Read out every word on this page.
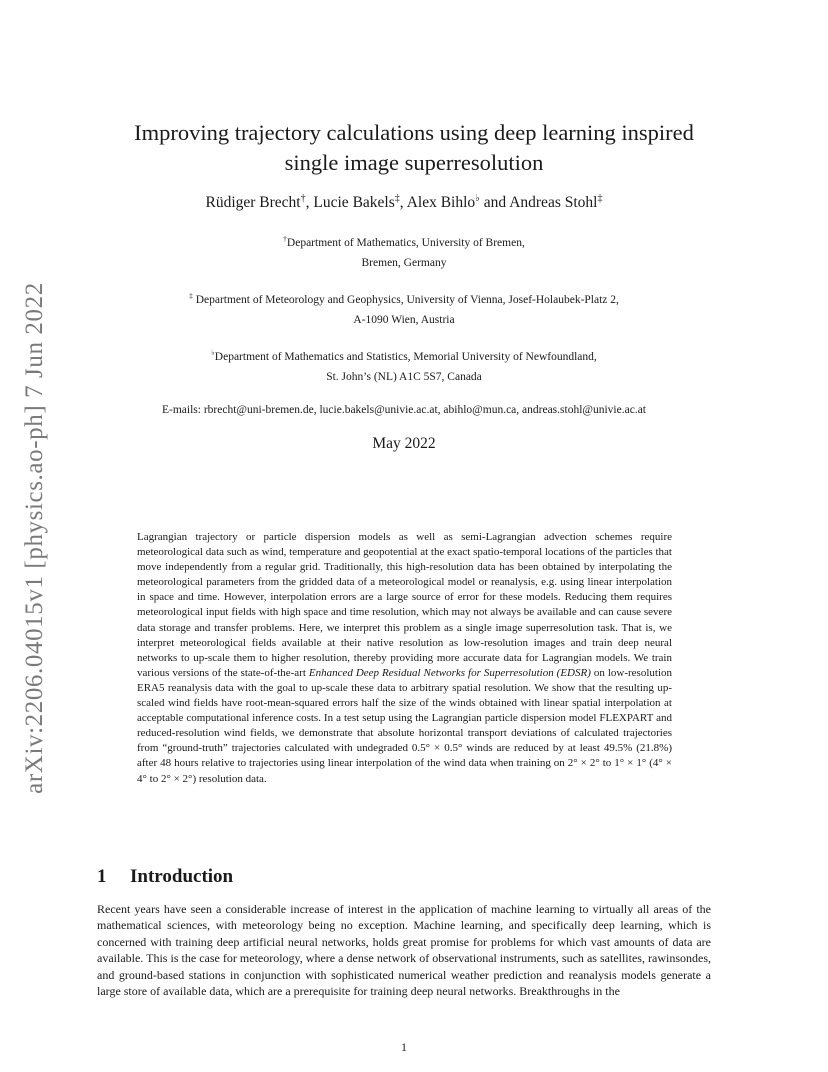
arXiv:2206.04015v1 [physics.ao-ph] 7 Jun 2022
Improving trajectory calculations using deep learning inspired
single image superresolution
Rüdiger Brecht†, Lucie Bakels‡, Alex Bihlo♭ and Andreas Stohl‡
†Department of Mathematics, University of Bremen,
Bremen, Germany
‡ Department of Meteorology and Geophysics, University of Vienna, Josef-Holaubek-Platz 2,
A-1090 Wien, Austria
♭Department of Mathematics and Statistics, Memorial University of Newfoundland,
St. John’s (NL) A1C 5S7, Canada
E-mails: rbrecht@uni-bremen.de, lucie.bakels@univie.ac.at, abihlo@mun.ca, andreas.stohl@univie.ac.at
May 2022
Lagrangian trajectory or particle dispersion models as well as semi-Lagrangian advection schemes require meteorological data such as wind, temperature and geopotential at the exact spatio-temporal locations of the particles that move independently from a regular grid. Traditionally, this high-resolution data has been obtained by interpolating the meteorological parameters from the gridded data of a meteorological model or reanalysis, e.g. using linear interpolation in space and time. However, interpolation errors are a large source of error for these models. Reducing them requires meteorological input fields with high space and time resolution, which may not always be available and can cause severe data storage and transfer problems. Here, we interpret this problem as a single image superresolution task. That is, we interpret meteorological fields available at their native resolution as low-resolution images and train deep neural networks to up-scale them to higher resolution, thereby providing more accurate data for Lagrangian models. We train various versions of the state-of-the-art Enhanced Deep Residual Networks for Superresolution (EDSR) on low-resolution ERA5 reanalysis data with the goal to up-scale these data to arbitrary spatial resolution. We show that the resulting up-scaled wind fields have root-mean-squared errors half the size of the winds obtained with linear spatial interpolation at acceptable computational inference costs. In a test setup using the Lagrangian particle dispersion model FLEXPART and reduced-resolution wind fields, we demonstrate that absolute horizontal transport deviations of calculated trajectories from “ground-truth” trajectories calculated with undegraded 0.5° × 0.5° winds are reduced by at least 49.5% (21.8%) after 48 hours relative to trajectories using linear interpolation of the wind data when training on 2° × 2° to 1° × 1° (4° × 4° to 2° × 2°) resolution data.
1 Introduction
Recent years have seen a considerable increase of interest in the application of machine learning to virtually all areas of the mathematical sciences, with meteorology being no exception. Machine learning, and specifically deep learning, which is concerned with training deep artificial neural networks, holds great promise for problems for which vast amounts of data are available. This is the case for meteorology, where a dense network of observational instruments, such as satellites, rawinsondes, and ground-based stations in conjunction with sophisticated numerical weather prediction and reanalysis models generate a large store of available data, which are a prerequisite for training deep neural networks. Breakthroughs in the
1
